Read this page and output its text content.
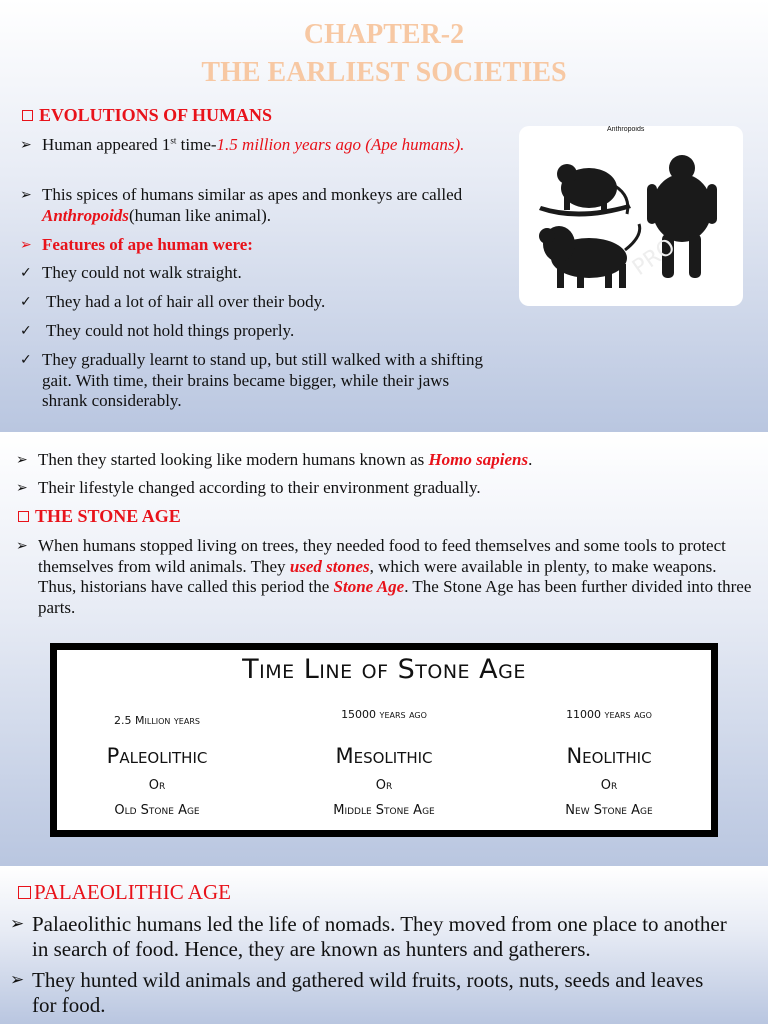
CHAPTER-2
THE EARLIEST SOCIETIES
EVOLUTIONS OF HUMANS
➢ Human appeared 1st time-1.5 million years ago (Ape humans).
➢ This spices of humans similar as apes and monkeys are called Anthropoids(human like animal).
➢ Features of ape human were:
✓ They could not walk straight.
✓ They had a lot of hair all over their body.
✓ They could not hold things properly.
✓ They gradually learnt to stand up, but still walked with a shifting gait. With time, their brains became bigger, while their jaws shrank considerably.
Anthropoids
PRO
➢ Then they started looking like modern humans known as Homo sapiens.
➢ Their lifestyle changed according to their environment gradually.
THE STONE AGE
➢ When humans stopped living on trees, they needed food to feed themselves and some tools to protect themselves from wild animals. They used stones, which were available in plenty, to make weapons. Thus, historians have called this period the Stone Age. The Stone Age has been further divided into three parts.
Time Line of Stone Age
2.5 Million years
Paleolithic
Or
Old Stone Age
15000 years ago
Mesolithic
Or
Middle Stone Age
11000 years ago
Neolithic
Or
New Stone Age
PALAEOLITHIC AGE
➢ Palaeolithic humans led the life of nomads. They moved from one place to another in search of food. Hence, they are known as hunters and gatherers.
➢ They hunted wild animals and gathered wild fruits, roots, nuts, seeds and leaves for food.
